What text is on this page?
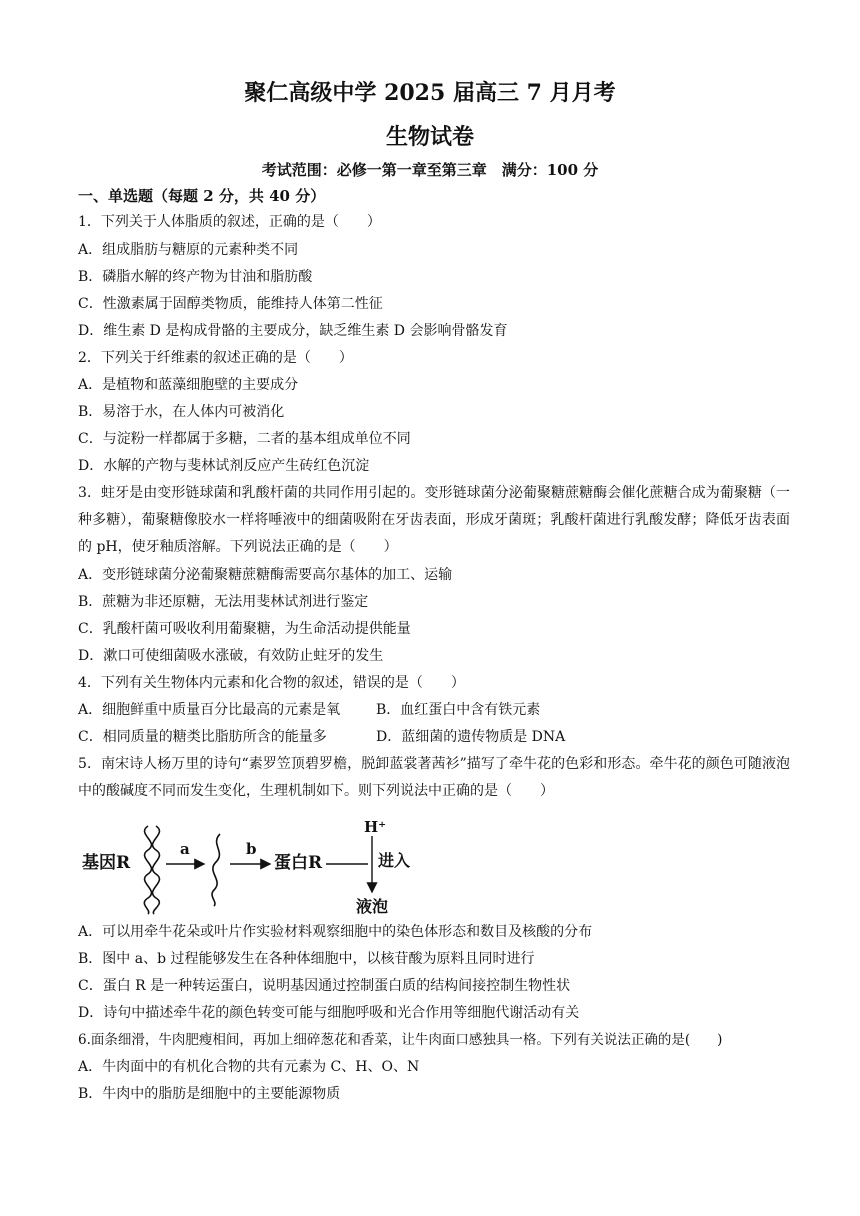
聚仁高级中学 2025 届高三 7 月月考
生物试卷
考试范围：必修一第一章至第三章　满分：100 分
一、单选题（每题 2 分，共 40 分）
1．下列关于人体脂质的叙述，正确的是（　　）
A．组成脂肪与糖原的元素种类不同
B．磷脂水解的终产物为甘油和脂肪酸
C．性激素属于固醇类物质，能维持人体第二性征
D．维生素 D 是构成骨骼的主要成分，缺乏维生素 D 会影响骨骼发育
2．下列关于纤维素的叙述正确的是（　　）
A．是植物和蓝藻细胞壁的主要成分
B．易溶于水，在人体内可被消化
C．与淀粉一样都属于多糖，二者的基本组成单位不同
D．水解的产物与斐林试剂反应产生砖红色沉淀
3．蛀牙是由变形链球菌和乳酸杆菌的共同作用引起的。变形链球菌分泌葡聚糖蔗糖酶会催化蔗糖合成为葡聚糖（一种多糖），葡聚糖像胶水一样将唾液中的细菌吸附在牙齿表面，形成牙菌斑；乳酸杆菌进行乳酸发酵；降低牙齿表面的 pH，使牙釉质溶解。下列说法正确的是（　　）
A．变形链球菌分泌葡聚糖蔗糖酶需要高尔基体的加工、运输
B．蔗糖为非还原糖，无法用斐林试剂进行鉴定
C．乳酸杆菌可吸收利用葡聚糖，为生命活动提供能量
D．漱口可使细菌吸水涨破，有效防止蛀牙的发生
4．下列有关生物体内元素和化合物的叙述，错误的是（　　）
A．细胞鲜重中质量百分比最高的元素是氧	B．血红蛋白中含有铁元素
C．相同质量的糖类比脂肪所含的能量多	D．蓝细菌的遗传物质是 DNA
5．南宋诗人杨万里的诗句“素罗笠顶碧罗檐，脱卸蓝裳著茜衫”描写了牵牛花的色彩和形态。牵牛花的颜色可随液泡中的酸碱度不同而发生变化，生理机制如下。则下列说法中正确的是（　　）
基因R
a	b
蛋白R
H⁺
进入
液泡
A．可以用牵牛花朵或叶片作实验材料观察细胞中的染色体形态和数目及核酸的分布
B．图中 a、b 过程能够发生在各种体细胞中，以核苷酸为原料且同时进行
C．蛋白 R 是一种转运蛋白，说明基因通过控制蛋白质的结构间接控制生物性状
D．诗句中描述牵牛花的颜色转变可能与细胞呼吸和光合作用等细胞代谢活动有关
6.面条细滑，牛肉肥瘦相间，再加上细碎葱花和香菜，让牛肉面口感独具一格。下列有关说法正确的是(　　)
A．牛肉面中的有机化合物的共有元素为 C、H、O、N
B．牛肉中的脂肪是细胞中的主要能源物质
